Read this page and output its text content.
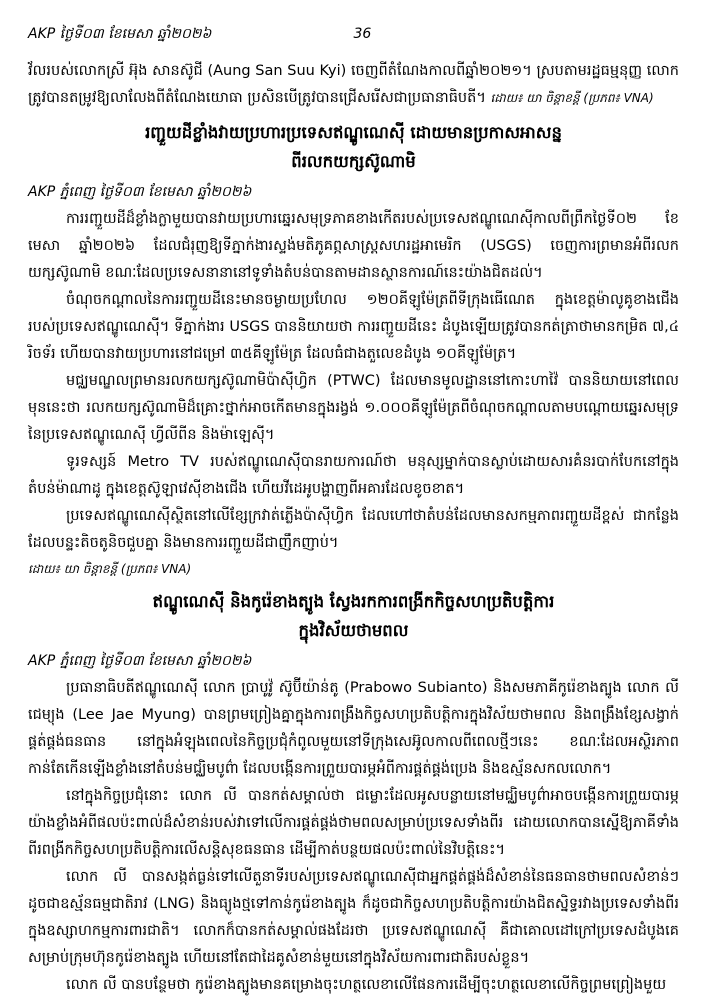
AKP ថ្ងៃទី០៣ ខែមេសា ឆ្នាំ២០២៦	36

វ័លរបស់លោកស្រី អ៊ុង សានស៊ូជី (Aung San Suu Kyi) ចេញពីតំណែងកាលពីឆ្នាំ២០២១។ ស្របតាមរដ្ឋធម្មនុញ្ញ លោកត្រូវបានតម្រូវឱ្យលាលែងពីតំណែងយោធា ប្រសិនបើត្រូវបានជ្រើសរើសជាប្រធានាធិបតី។ ដោយ៖ យា ចិន្តាខន្តី (ប្រភព៖ VNA)

រញ្ជួយដីខ្លាំងវាយប្រហារប្រទេសឥណ្ឌូណេស៊ី ដោយមានប្រកាសអាសន្ន
ពីរលកយក្សស៊ូណាមិ

AKP ភ្នំពេញ ថ្ងៃទី០៣ ខែមេសា ឆ្នាំ២០២៦

ការរញ្ជួយដីដ៏ខ្លាំងក្លាមួយបានវាយប្រហារឆ្នេរសមុទ្រភាគខាងកើតរបស់ប្រទេសឥណ្ឌូណេស៊ីកាលពីព្រឹកថ្ងៃទី០២ ខែមេសា ឆ្នាំ២០២៦ ដែលជំរុញឱ្យទីភ្នាក់ងារស្ទង់មតិភូគព្ភសាស្ត្រសហរដ្ឋអាមេរិក (USGS) ចេញការព្រមានអំពីរលកយក្សស៊ូណាមិ ខណៈដែលប្រទេសនានានៅទូទាំងតំបន់បានតាមដានស្ថានការណ៍នេះយ៉ាងជិតដល់។

ចំណុចកណ្តាលនៃការរញ្ជួយដីនេះមានចម្ងាយប្រហែល ១២០គីឡូម៉ែត្រពីទីក្រុងធើណេត ក្នុងខេត្តម៉ាលូគូខាងជើង របស់ប្រទេសឥណ្ឌូណេស៊ី។ ទីភ្នាក់ងារ USGS បាននិយាយថា ការរញ្ជួយដីនេះ ដំបូងឡើយត្រូវបានកត់ត្រាថាមានកម្រិត ៧,៤ រិចទ័រ ហើយបានវាយប្រហារនៅជម្រៅ ៣៥គីឡូម៉ែត្រ ដែលធំជាងតួលេខដំបូង ១០គីឡូម៉ែត្រ។

មជ្ឈមណ្ឌលព្រមានរលកយក្សស៊ូណាមិប៉ាស៊ីហ្វិក (PTWC) ដែលមានមូលដ្ឋាននៅកោះហាវ៉ៃ បាននិយាយនៅពេលមុននេះថា រលកយក្សស៊ូណាមិដ៏គ្រោះថ្នាក់អាចកើតមានក្នុងរង្វង់ ១.០០០គីឡូម៉ែត្រពីចំណុចកណ្តាលតាមបណ្តោយឆ្នេរសមុទ្រនៃប្រទេសឥណ្ឌូណេស៊ី ហ្វីលីពីន និងម៉ាឡេស៊ី។

ទូរទស្សន៍ Metro TV របស់ឥណ្ឌូណេស៊ីបានរាយការណ៍ថា មនុស្សម្នាក់បានស្លាប់ដោយសារគំនរបាក់បែកនៅក្នុងតំបន់ម៉ាណាដូ ក្នុងខេត្តស៊ូឡាវេស៊ីខាងជើង ហើយវីដេអូបង្ហាញពីអគារដែលខូចខាត។

ប្រទេសឥណ្ឌូណេស៊ីស្ថិតនៅលើខ្សែក្រវាត់ភ្លើងប៉ាស៊ីហ្វិក ដែលហៅថាតំបន់ដែលមានសកម្មភាពរញ្ជួយដីខ្ពស់ ជាកន្លែងដែលបន្ទះតិចតូនិចជួបគ្នា និងមានការរញ្ជួយដីជាញឹកញាប់។

ដោយ៖ យា ចិន្តាខន្តី (ប្រភព៖ VNA)

ឥណ្ឌូណេស៊ី និងកូរ៉េខាងត្បូង ស្វែងរកការពង្រីកកិច្ចសហប្រតិបត្តិការ
ក្នុងវិស័យថាមពល

AKP ភ្នំពេញ ថ្ងៃទី០៣ ខែមេសា ឆ្នាំ២០២៦

ប្រធានាធិបតីឥណ្ឌូណេស៊ី លោក ប្រាបូវ៉ូ ស៊ូប៊ីយ៉ាន់តូ (Prabowo Subianto) និងសមភាគីកូរ៉េខាងត្បូង លោក លី ជេម្យុង (Lee Jae Myung) បានព្រមព្រៀងគ្នាក្នុងការពង្រឹងកិច្ចសហប្រតិបត្តិការក្នុងវិស័យថាមពល និងពង្រឹងខ្សែសង្វាក់ផ្គត់ផ្គង់ធនធាន នៅក្នុងអំឡុងពេលនៃកិច្ចប្រជុំកំពូលមួយនៅទីក្រុងសេអ៊ូលកាលពីពេលថ្មីៗនេះ ខណៈដែលអស្ថិរភាពកាន់តែកើនឡើងខ្លាំងនៅតំបន់មជ្ឈិមបូព៌ា ដែលបង្កើនការព្រួយបារម្ភអំពីការផ្គត់ផ្គង់ប្រេង និងឧស្ម័នសកលលោក។

នៅក្នុងកិច្ចប្រជុំនោះ លោក លី បានកត់សម្គាល់ថា ជម្លោះដែលអូសបន្លាយនៅមជ្ឈិមបូព៌ាអាចបង្កើនការព្រួយបារម្ភយ៉ាងខ្លាំងអំពីផលប៉ះពាល់ដ៏សំខាន់របស់វាទៅលើការផ្គត់ផ្គង់ថាមពលសម្រាប់ប្រទេសទាំងពីរ ដោយលោកបានស្នើឱ្យភាគីទាំងពីរពង្រីកកិច្ចសហប្រតិបត្តិការលើសន្តិសុខធនធាន ដើម្បីកាត់បន្ថយផលប៉ះពាល់នៃវិបត្តិនេះ។

លោក លី បានសង្កត់ធ្ងន់ទៅលើតួនាទីរបស់ប្រទេសឥណ្ឌូណេស៊ីជាអ្នកផ្គត់ផ្គង់ដ៏សំខាន់នៃធនធានថាមពលសំខាន់ៗ ដូចជាឧស្ម័នធម្មជាតិរាវ (LNG) និងធ្យូងថ្មទៅកាន់កូរ៉េខាងត្បូង ក៏ដូចជាកិច្ចសហប្រតិបត្តិការយ៉ាងជិតស្និទ្ធរវាងប្រទេសទាំងពីរក្នុងឧស្សាហកម្មការពារជាតិ។ លោកក៏បានកត់សម្គាល់ផងដែរថា ប្រទេសឥណ្ឌូណេស៊ី គឺជាគោលដៅក្រៅប្រទេសដំបូងគេសម្រាប់ក្រុមហ៊ុនកូរ៉េខាងត្បូង ហើយនៅតែជាដៃគូសំខាន់មួយនៅក្នុងវិស័យការពារជាតិរបស់ខ្លួន។

លោក លី បានបន្ថែមថា កូរ៉េខាងត្បូងមានគម្រោងចុះហត្ថលេខាលើផែនការដើម្បីចុះហត្ថលេខាលើកិច្ចព្រមព្រៀងមួយ
